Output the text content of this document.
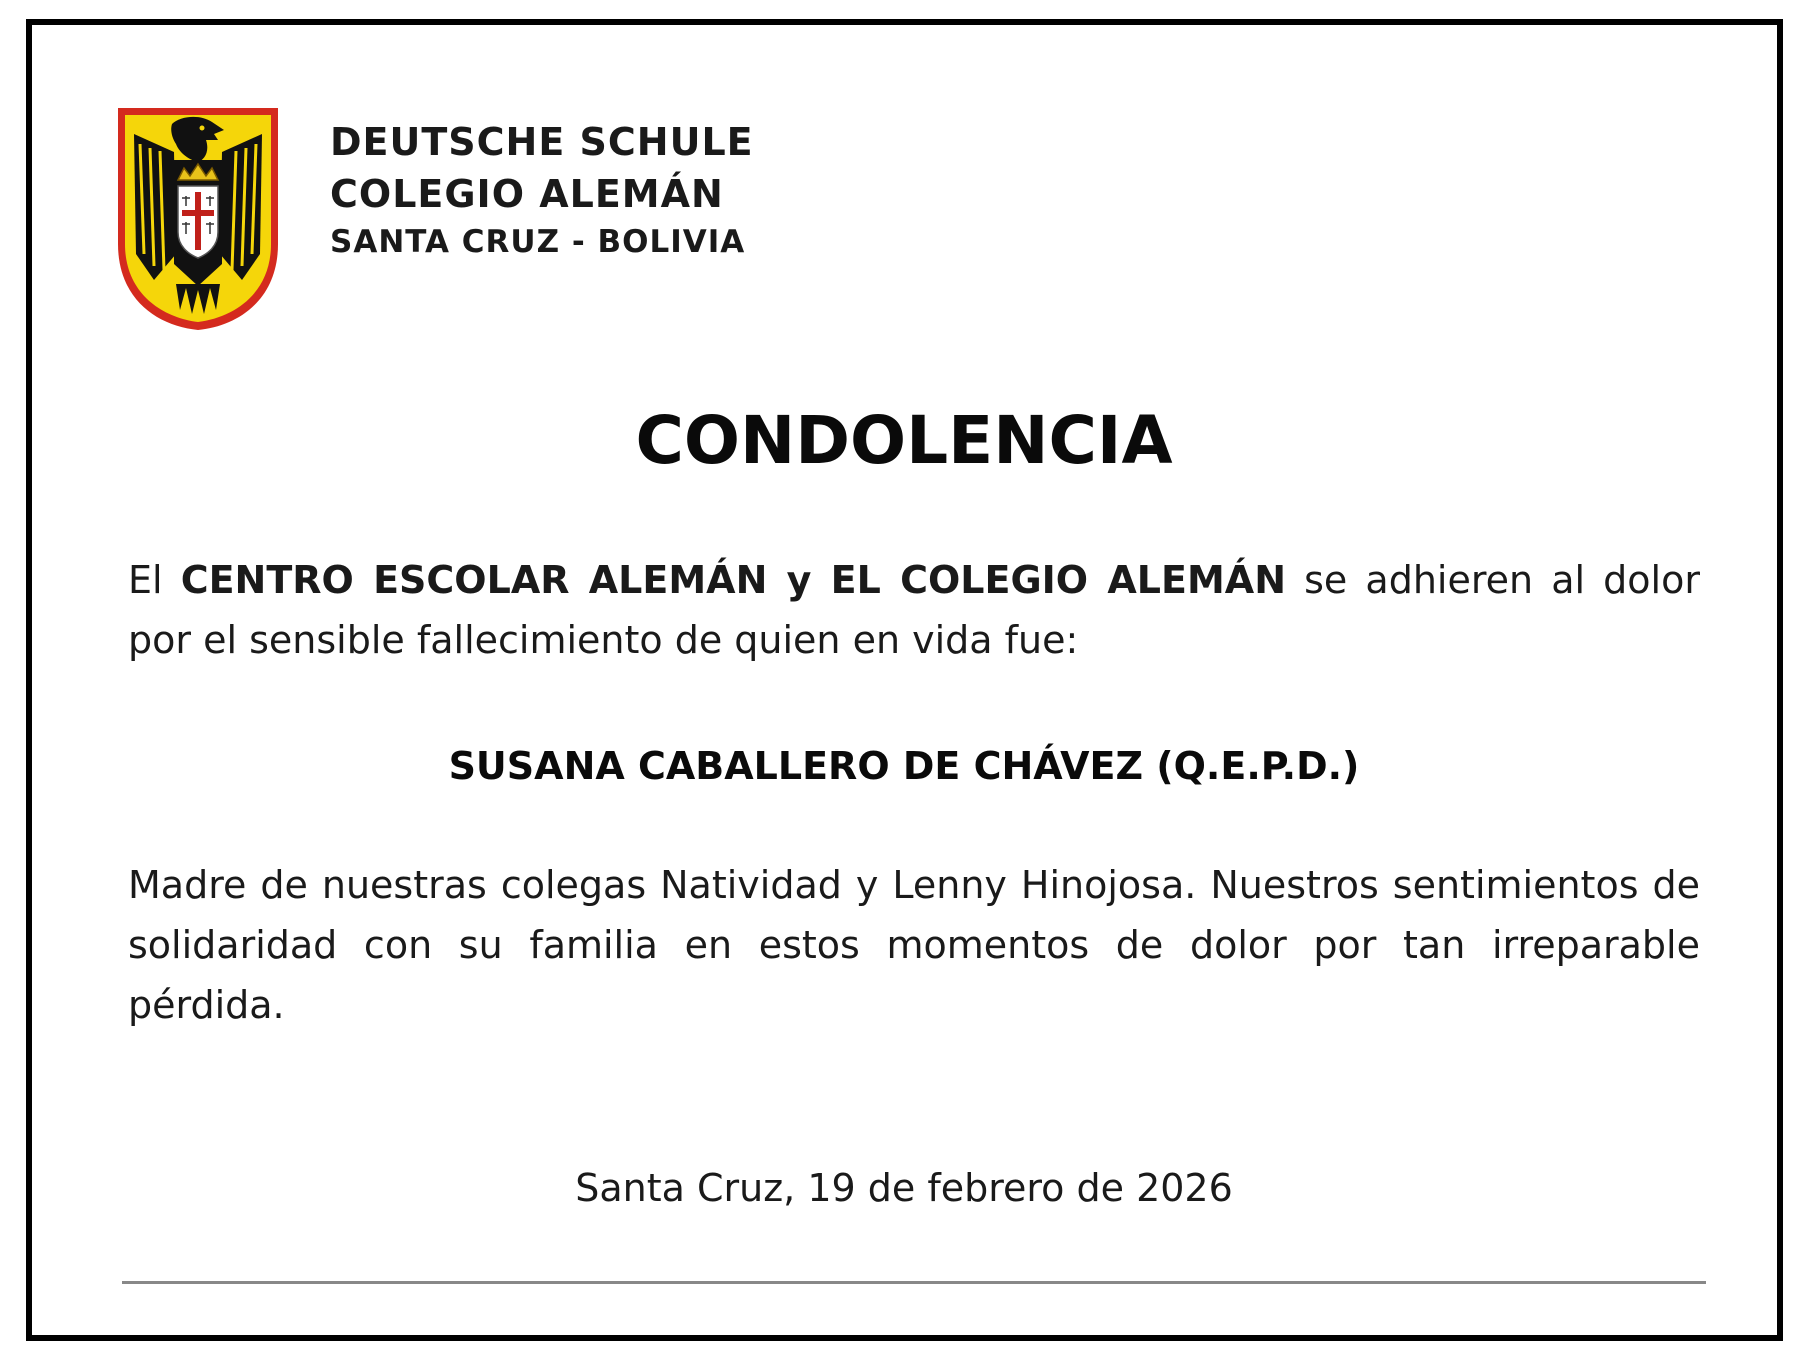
DEUTSCHE SCHULE
COLEGIO ALEMÁN
SANTA CRUZ - BOLIVIA
CONDOLENCIA
El CENTRO ESCOLAR ALEMÁN y EL COLEGIO ALEMÁN se adhieren al dolor por el sensible fallecimiento de quien en vida fue:
SUSANA CABALLERO DE CHÁVEZ (Q.E.P.D.)
Madre de nuestras colegas Natividad y Lenny Hinojosa. Nuestros sentimientos de solidaridad con su familia en estos momentos de dolor por tan irreparable pérdida.
Santa Cruz, 19 de febrero de 2026
